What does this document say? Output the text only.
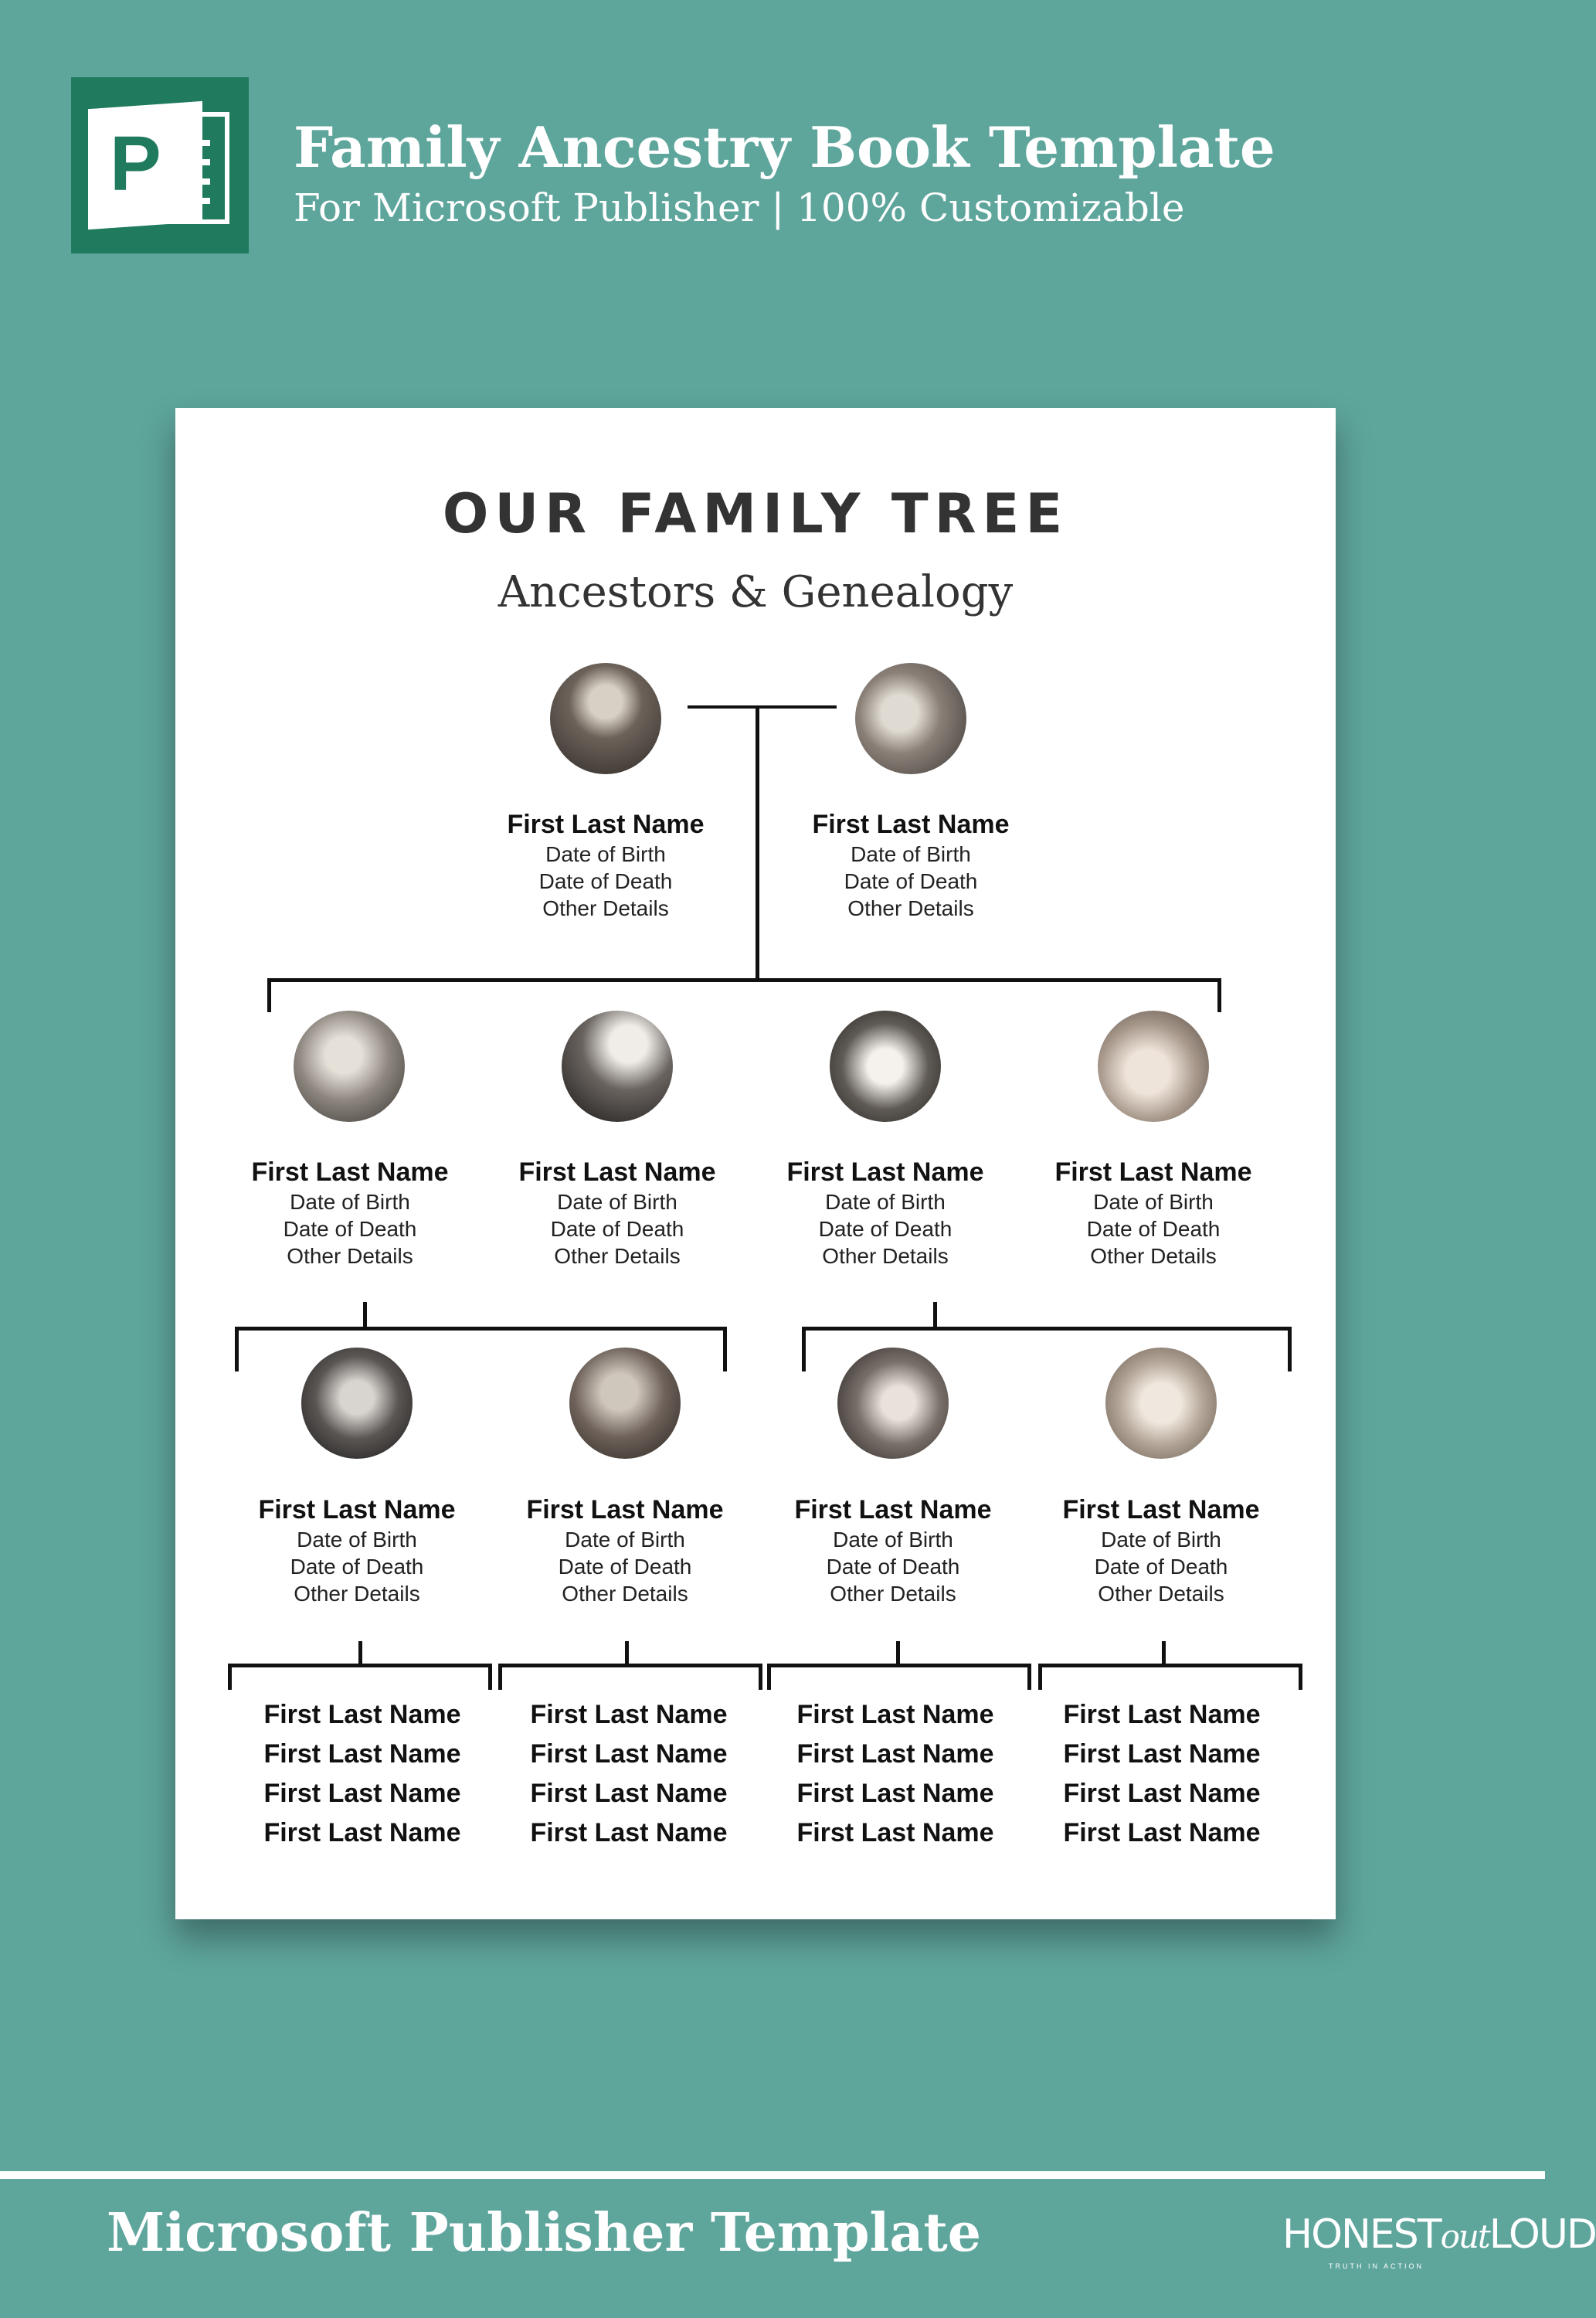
P Family Ancestry Book Template
For Microsoft Publisher | 100% Customizable
OUR FAMILY TREE
Ancestors & Genealogy
First Last Name
Date of Birth
Date of Death
Other Details
First Last Name
Date of Birth
Date of Death
Other Details
First Last Name
Date of Birth
Date of Death
Other Details
First Last Name
Date of Birth
Date of Death
Other Details
First Last Name
Date of Birth
Date of Death
Other Details
First Last Name
Date of Birth
Date of Death
Other Details
First Last Name
Date of Birth
Date of Death
Other Details
First Last Name
Date of Birth
Date of Death
Other Details
First Last Name
Date of Birth
Date of Death
Other Details
First Last Name
Date of Birth
Date of Death
Other Details
First Last Name
First Last Name
First Last Name
First Last Name
First Last Name
First Last Name
First Last Name
First Last Name
First Last Name
First Last Name
First Last Name
First Last Name
First Last Name
First Last Name
First Last Name
First Last Name
Microsoft Publisher Template	HONESToutLOUD
TRUTH IN ACTION
